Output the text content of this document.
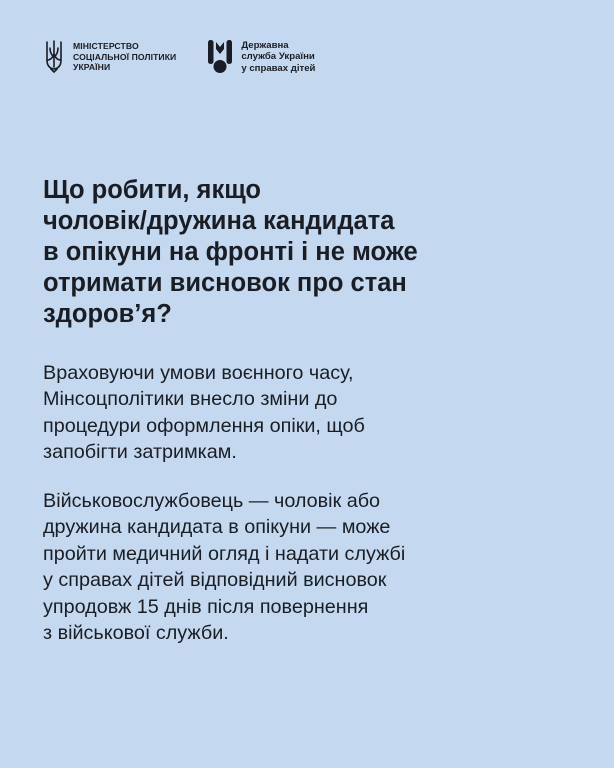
МІНІСТЕРСТВО
СОЦІАЛЬНОЇ ПОЛІТИКИ
УКРАЇНИ
Державна
служба України
у справах дітей
Що робити, якщо
чоловік/дружина кандидата
в опікуни на фронті і не може
отримати висновок про стан
здоров’я?

Враховуючи умови воєнного часу,
Мінсоцполітики внесло зміни до
процедури оформлення опіки, щоб
запобігти затримкам.

Військовослужбовець — чоловік або
дружина кандидата в опікуни — може
пройти медичний огляд і надати службі
у справах дітей відповідний висновок
упродовж 15 днів після повернення
з військової служби.
